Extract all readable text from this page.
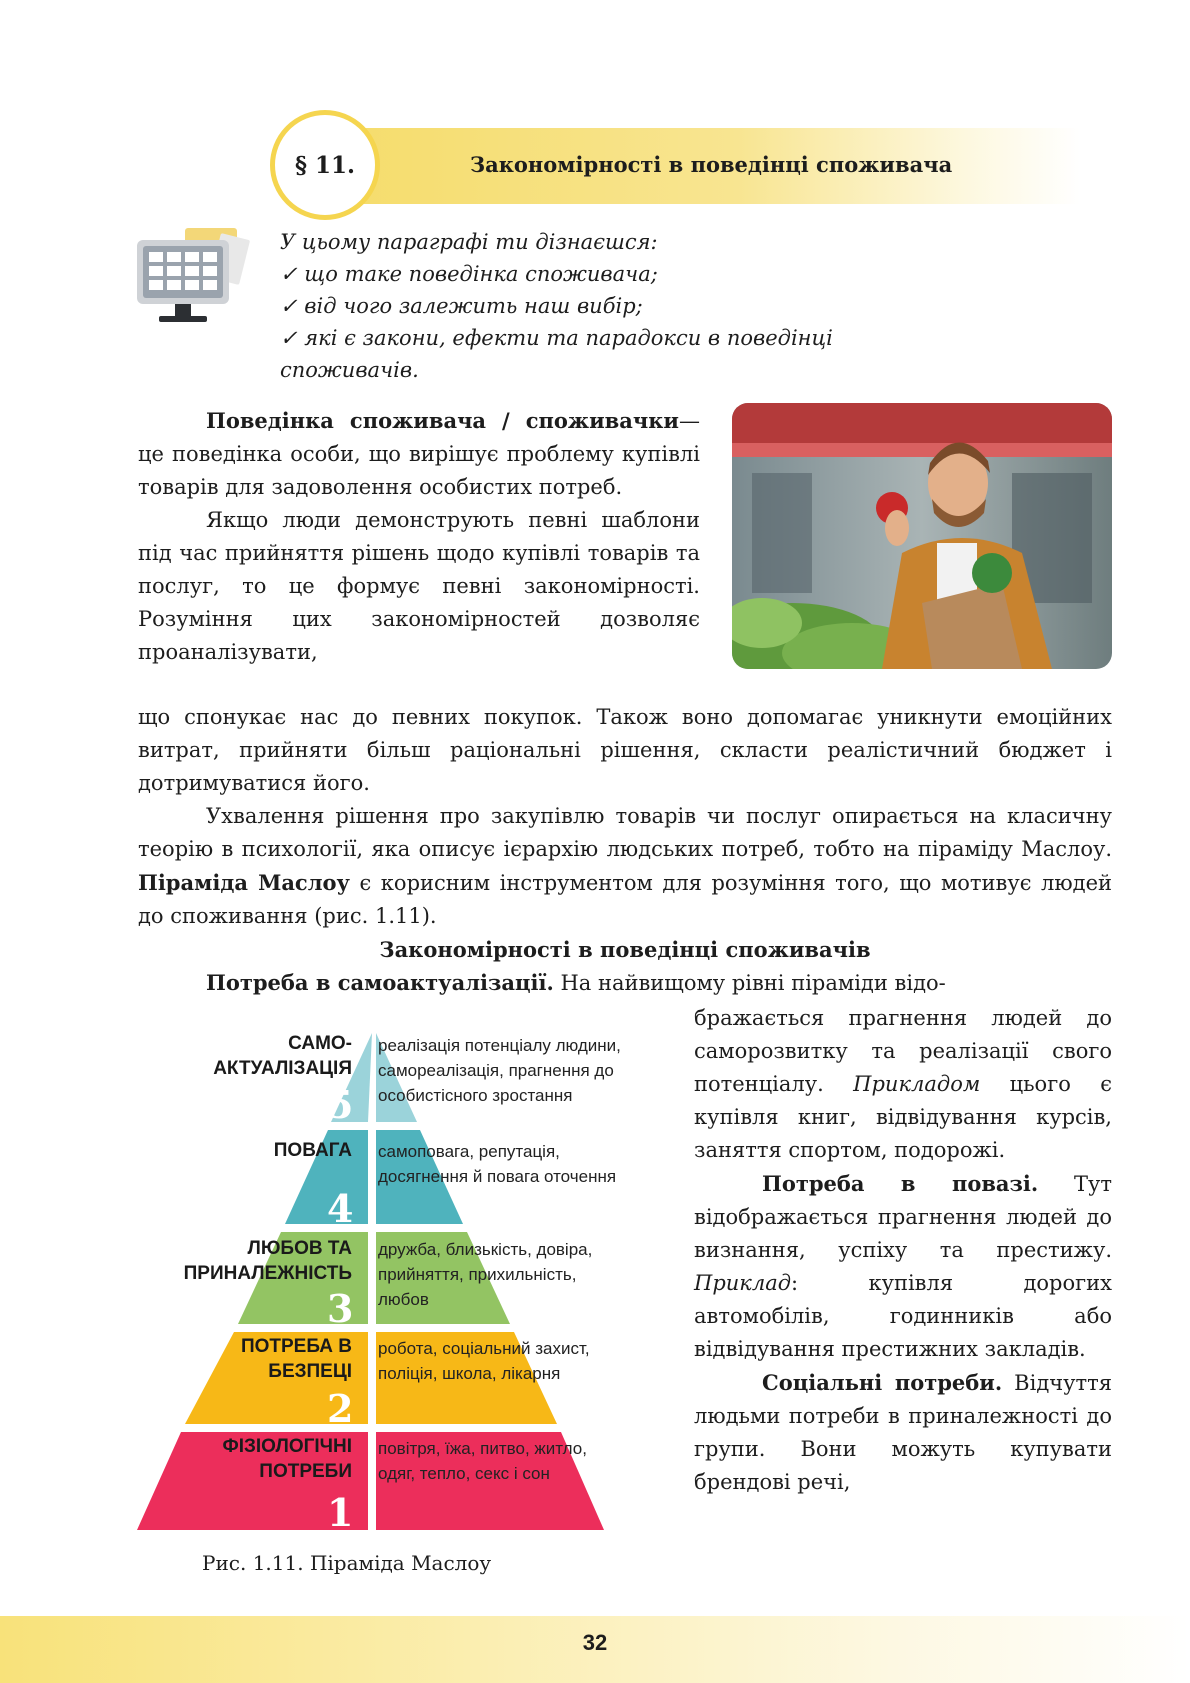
§ 11.	Закономірності в поведінці споживача
У цьому параграфі ти дізнаєшся:
✓ що таке поведінка споживача;
✓ від чого залежить наш вибір;
✓ які є закони, ефекти та парадокси в поведінці
споживачів.

Поведінка споживача / споживачки— це поведінка особи, що вирішує проблему купівлі товарів для задоволення особистих потреб.

Якщо люди демонструють певні шаблони під час прийняття рішень щодо купівлі товарів та послуг, то це формує певні закономірності. Розуміння цих закономірностей дозволяє проаналізувати,

що спонукає нас до певних покупок. Також воно допомагає уникнути емоційних витрат, прийняти більш раціональні рішення, скласти реалістичний бюджет і дотримуватися його.

Ухвалення рішення про закупівлю товарів чи послуг опирається на класичну теорію в психології, яка описує ієрархію людських потреб, тобто на піраміду Маслоу. Піраміда Маслоу є корисним інструментом для розуміння того, що мотивує людей до споживання (рис. 1.11).

Закономірності в поведінці споживачів

Потреба в самоактуалізації. На найвищому рівні піраміди відо-

бражається прагнення людей до саморозвитку та реалізації свого потенціалу. Прикладом цього є купівля книг, відвідування курсів, заняття спортом, подорожі.

Потреба в повазі. Тут відображається прагнення людей до визнання, успіху та престижу. Приклад: купівля дорогих автомобілів, годинників або відвідування престижних закладів.

Соціальні потреби. Відчуття людьми потреби в приналежності до групи. Вони можуть купувати брендові речі,

5
4
3
2
1
САМО-
АКТУАЛІЗАЦІЯ
ПОВАГА
ЛЮБОВ ТА
ПРИНАЛЕЖНІСТЬ
ПОТРЕБА В
БЕЗПЕЦІ
ФІЗІОЛОГІЧНІ
ПОТРЕБИ
реалізація потенціалу людини,
самореалізація, прагнення до
особистісного зростання
самоповага, репутація,
досягнення й повага оточення
дружба, близькість, довіра,
прийняття, прихильність,
любов
робота, соціальний захист,
поліція, школа, лікарня
повітря, їжа, питво, житло,
одяг, тепло, секс і сон
Рис. 1.11. Піраміда Маслоу
32
